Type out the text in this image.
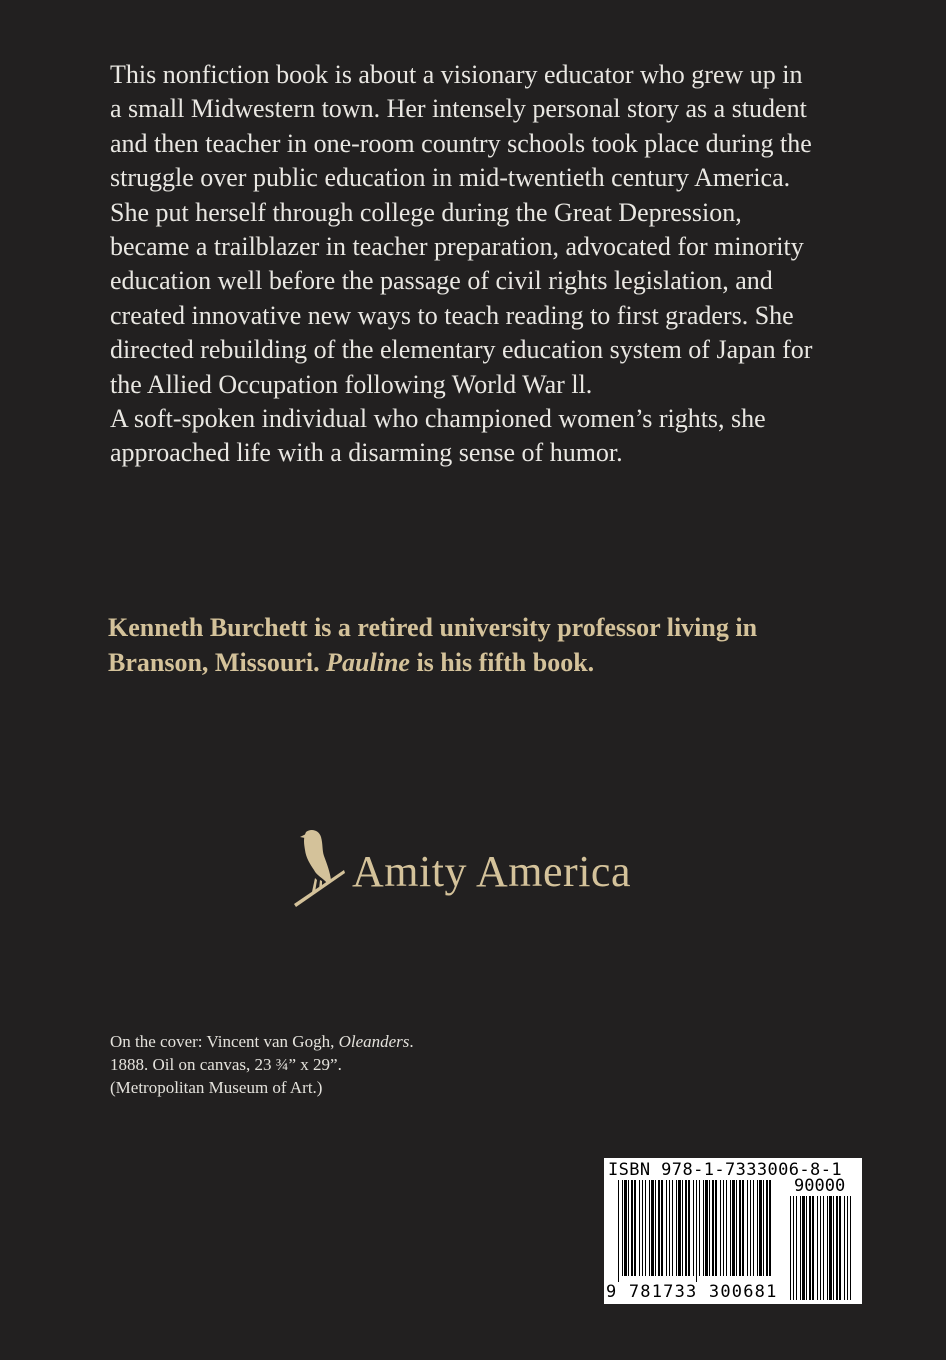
This nonfiction book is about a visionary educator who grew up in a small Midwestern town. Her intensely personal story as a student and then teacher in one-room country schools took place during the struggle over public education in mid-twentieth century America.

She put herself through college during the Great Depression, became a trailblazer in teacher preparation, advocated for minority education well before the passage of civil rights legislation, and created innovative new ways to teach reading to first graders. She directed rebuilding of the elementary education system of Japan for the Allied Occupation following World War ll.

A soft-spoken individual who championed women’s rights, she approached life with a disarming sense of humor.

Kenneth Burchett is a retired university professor living in Branson, Missouri. Pauline is his fifth book.

Amity America

On the cover: Vincent van Gogh, Oleanders.

1888. Oil on canvas, 23 ¾” x 29”.

(Metropolitan Museum of Art.)

ISBN 978-1-7333006-8-1
90000
9 781733 300681
